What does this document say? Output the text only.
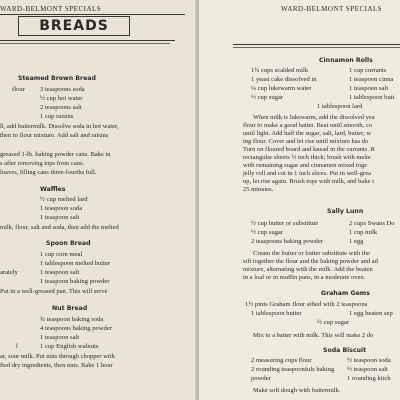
WARD-BELMONT SPECIALS
BREADS
Steamed Brown Bread
flour 3 teaspoons soda
½ cup hot water
2 teaspoons salt
1 cup raisins
ll, add buttermilk. Dissolve soda in hot water,
then to flour mixture. Add salt and raisins
greased 1-lb. baking powder cans. Bake in
s after removing tops from cans.
loaves, filling cans three-fourths full.
Waffles
½ cup melted lard
1 teaspoon soda
1 teaspoon salt
milk, flour, salt and soda, then add the melted
Spoon Bread
1 cup corn meal
1 tablespoon melted butter
arately	1 teaspoon salt
1 teaspoon baking powder
Put in a well-greased pan. This will serve
Nut Bread
¾ teaspoon baking soda
4 teaspoons baking powder
1 teaspoon salt
l	1 cup English walnuts
ar, sour milk. Put nuts through chopper with
fted dry ingredients, then nuts. Bake 1 hour
WARD-BELMONT SPECIALS
Cinnamon Rolls
1¾ cups scalded milk	1 cup currants
1 yeast cake dissolved in	1 teaspoon cinna
¼ cup lukewarm water	1 teaspoon salt
½ cup sugar	1 tablespoon butt
1 tablespoon lard
When milk is lukewarm, add the dissolved yea
flour to make a good batter. Beat until smooth, co
until light. Add half the sugar, salt, lard, butter, w
ing flour. Cover and let rise until mixture has do
Turn on floured board and knead in the currants. R
rectangular sheets ½ inch thick; brush with melte
with remaining sugar and cinnamon mixed toge
jelly roll and cut in 1 inch slices. Put in well-grea
up, let rise again. Brush tops with milk, and bake i
25 minutes.
Sally Lunn
½ cup butter or substitute	2 cups Swans Do
½ cup sugar	1 cup milk
2 teaspoons baking powder	1 egg
Cream the butter or butter substitute with the
sift together the flour and the baking powder and ad
mixture, alternating with the milk. Add the beaten
in a loaf or in muffin pans, in a moderate oven.
Graham Gems
1½ pints Graham flour sifted with 2 teaspoons
1 tablespoon butter	1 egg beaten sep
½ cup sugar
Mix to a batter with milk. This will make 2 do
Soda Biscuit
2 measuring cups flour	½ teaspoon soda
2 rounding teaspoonfuls baking ½ teaspoon salt
powder	1 rounding kitch
Make soft dough with buttermilk.
